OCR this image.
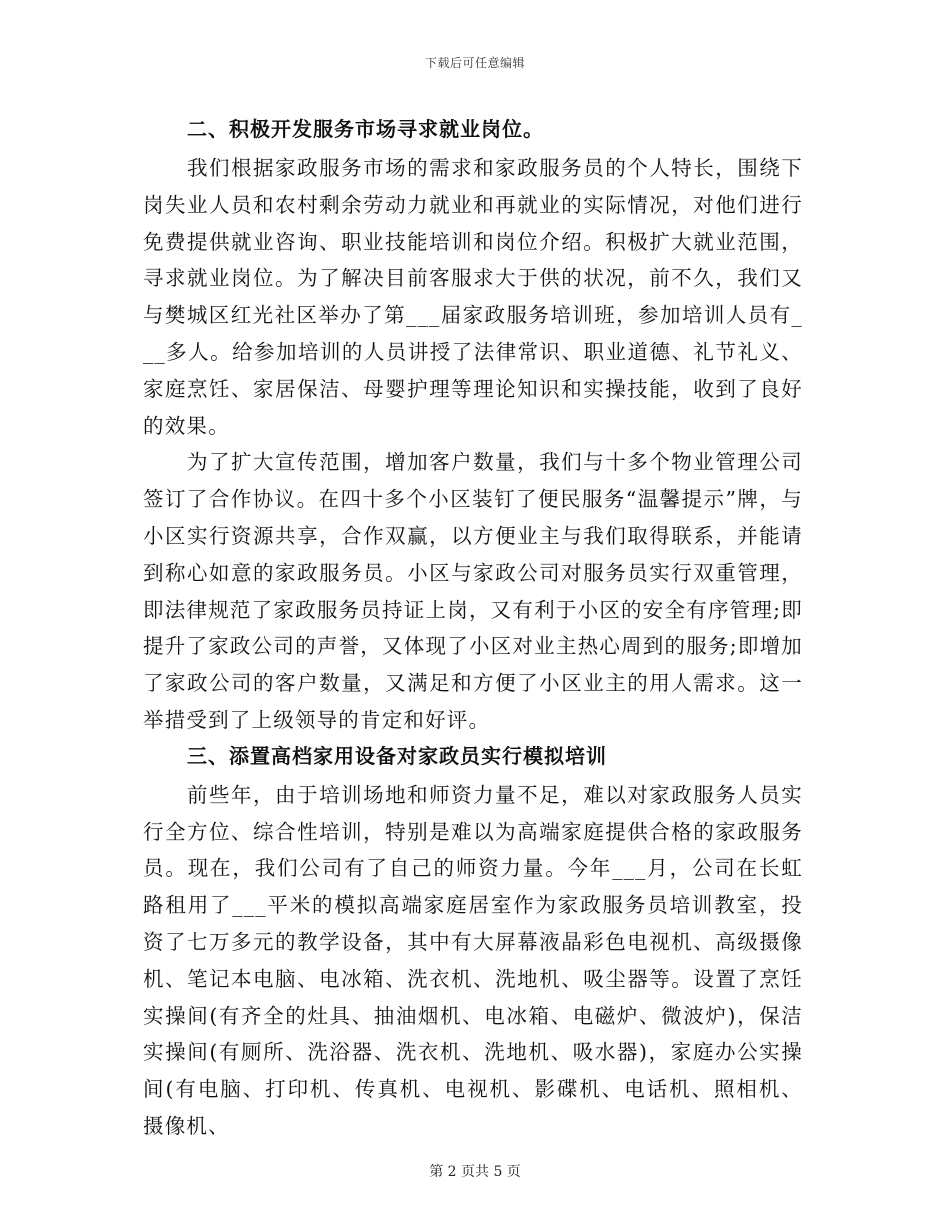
下载后可任意编辑
二、积极开发服务市场寻求就业岗位。

我们根据家政服务市场的需求和家政服务员的个人特长，围绕下岗失业人员和农村剩余劳动力就业和再就业的实际情况，对他们进行免费提供就业咨询、职业技能培训和岗位介绍。积极扩大就业范围，寻求就业岗位。为了解决目前客服求大于供的状况，前不久，我们又与樊城区红光社区举办了第___届家政服务培训班，参加培训人员有___多人。给参加培训的人员讲授了法律常识、职业道德、礼节礼义、家庭烹饪、家居保洁、母婴护理等理论知识和实操技能，收到了良好的效果。

为了扩大宣传范围，增加客户数量，我们与十多个物业管理公司签订了合作协议。在四十多个小区装钉了便民服务“温馨提示”牌，与小区实行资源共享，合作双赢，以方便业主与我们取得联系，并能请到称心如意的家政服务员。小区与家政公司对服务员实行双重管理，即法律规范了家政服务员持证上岗，又有利于小区的安全有序管理;即提升了家政公司的声誉，又体现了小区对业主热心周到的服务;即增加了家政公司的客户数量，又满足和方便了小区业主的用人需求。这一举措受到了上级领导的肯定和好评。

三、添置高档家用设备对家政员实行模拟培训

前些年，由于培训场地和师资力量不足，难以对家政服务人员实行全方位、综合性培训，特别是难以为高端家庭提供合格的家政服务员。现在，我们公司有了自己的师资力量。今年___月，公司在长虹路租用了___平米的模拟高端家庭居室作为家政服务员培训教室，投资了七万多元的教学设备，其中有大屏幕液晶彩色电视机、高级摄像机、笔记本电脑、电冰箱、洗衣机、洗地机、吸尘器等。设置了烹饪实操间(有齐全的灶具、抽油烟机、电冰箱、电磁炉、微波炉)，保洁实操间(有厕所、洗浴器、洗衣机、洗地机、吸水器)，家庭办公实操间(有电脑、打印机、传真机、电视机、影碟机、电话机、照相机、摄像机、

第 2 页共 5 页
